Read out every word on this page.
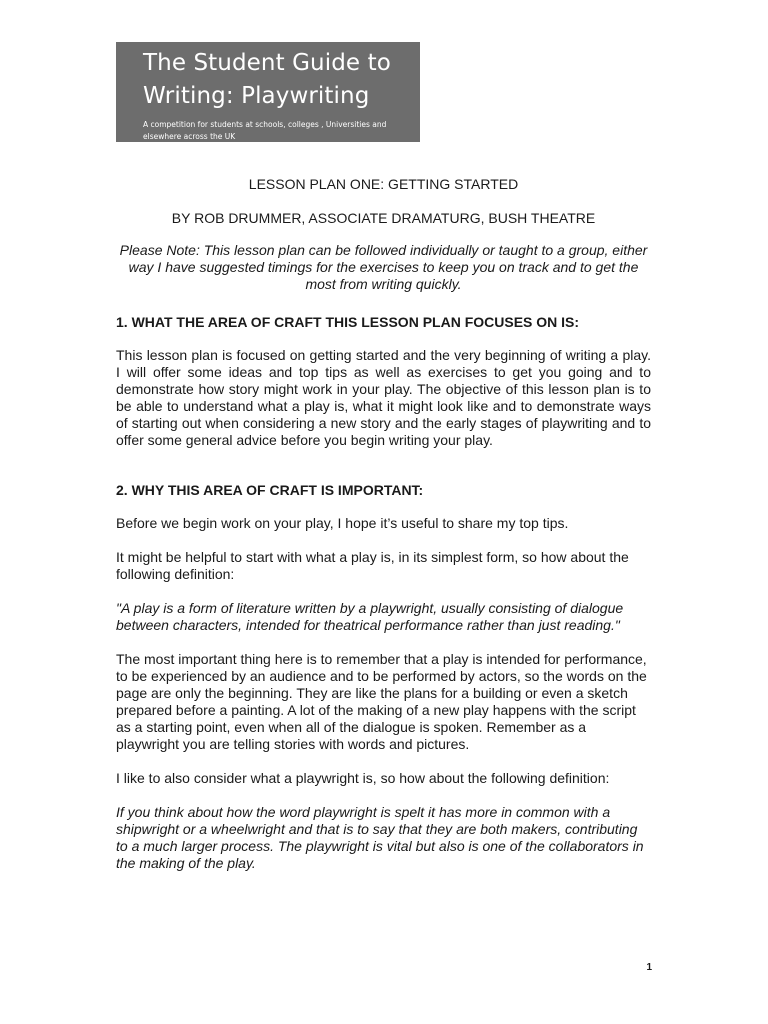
The Student Guide to
Writing: Playwriting
A competition for students at schools, colleges , Universities and elsewhere across the UK

LESSON PLAN ONE: GETTING STARTED

BY ROB DRUMMER, ASSOCIATE DRAMATURG, BUSH THEATRE

Please Note: This lesson plan can be followed individually or taught to a group, either way I have suggested timings for the exercises to keep you on track and to get the most from writing quickly.

1. WHAT THE AREA OF CRAFT THIS LESSON PLAN FOCUSES ON IS:

This lesson plan is focused on getting started and the very beginning of writing a play. I will offer some ideas and top tips as well as exercises to get you going and to demonstrate how story might work in your play. The objective of this lesson plan is to be able to understand what a play is, what it might look like and to demonstrate ways of starting out when considering a new story and the early stages of playwriting and to offer some general advice before you begin writing your play.

2. WHY THIS AREA OF CRAFT IS IMPORTANT:

Before we begin work on your play, I hope it’s useful to share my top tips.

It might be helpful to start with what a play is, in its simplest form, so how about the following definition:

"A play is a form of literature written by a playwright, usually consisting of dialogue between characters, intended for theatrical performance rather than just reading."

The most important thing here is to remember that a play is intended for performance, to be experienced by an audience and to be performed by actors, so the words on the page are only the beginning. They are like the plans for a building or even a sketch prepared before a painting. A lot of the making of a new play happens with the script as a starting point, even when all of the dialogue is spoken. Remember as a playwright you are telling stories with words and pictures.

I like to also consider what a playwright is, so how about the following definition:

If you think about how the word playwright is spelt it has more in common with a shipwright or a wheelwright and that is to say that they are both makers, contributing to a much larger process. The playwright is vital but also is one of the collaborators in the making of the play.

1
